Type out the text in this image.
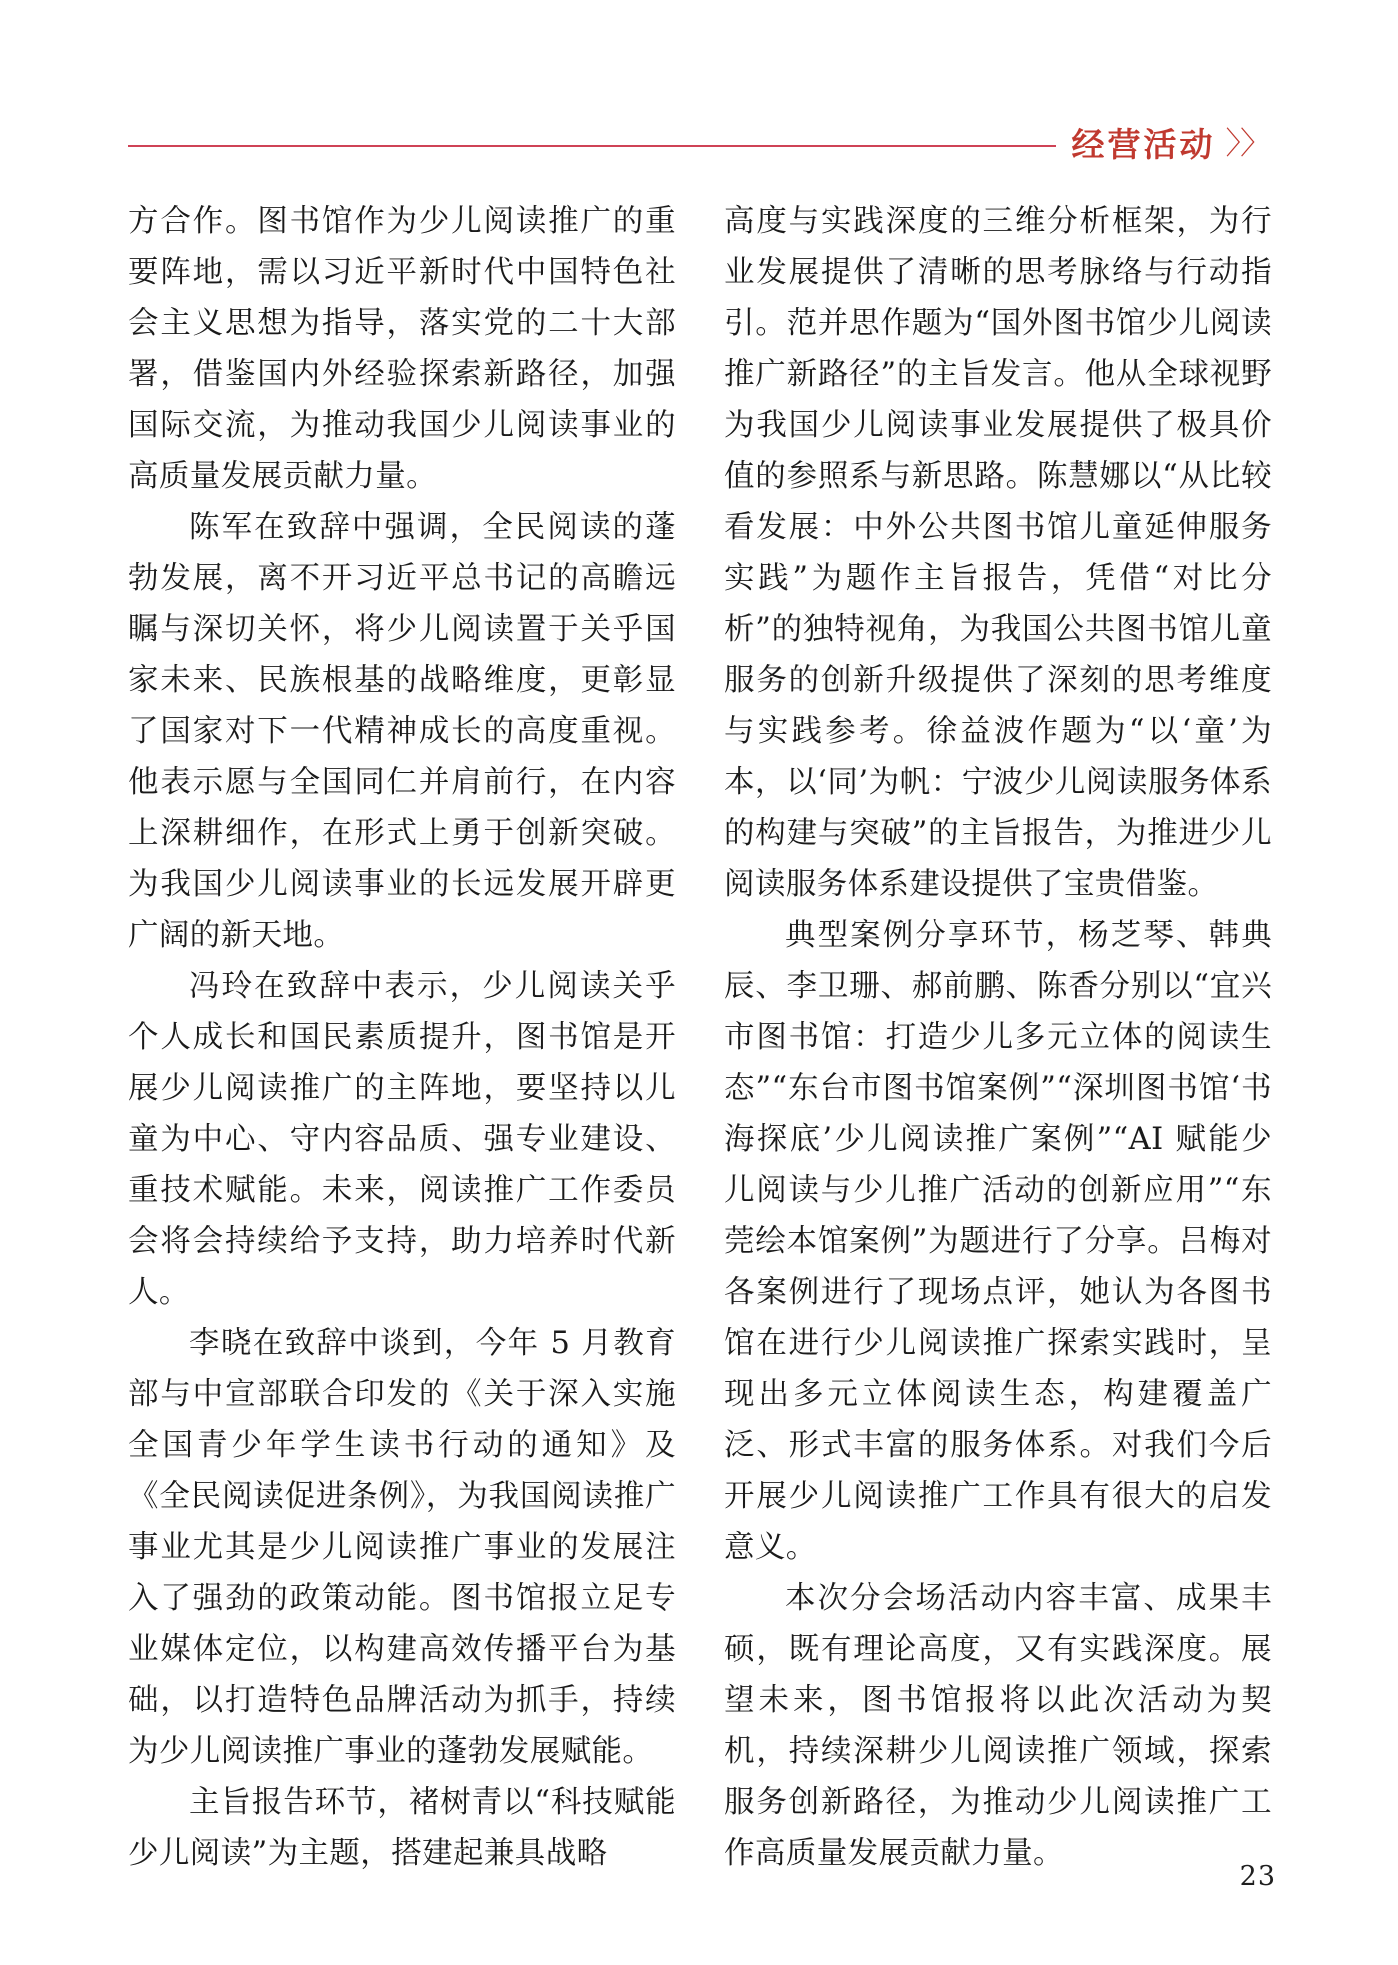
经营活动 〉〉

方合作。图书馆作为少儿阅读推广的重要阵地，需以习近平新时代中国特色社会主义思想为指导，落实党的二十大部署，借鉴国内外经验探索新路径，加强国际交流，为推动我国少儿阅读事业的高质量发展贡献力量。

陈军在致辞中强调，全民阅读的蓬勃发展，离不开习近平总书记的高瞻远瞩与深切关怀，将少儿阅读置于关乎国家未来、民族根基的战略维度，更彰显了国家对下一代精神成长的高度重视。他表示愿与全国同仁并肩前行，在内容上深耕细作，在形式上勇于创新突破。为我国少儿阅读事业的长远发展开辟更广阔的新天地。

冯玲在致辞中表示，少儿阅读关乎个人成长和国民素质提升，图书馆是开展少儿阅读推广的主阵地，要坚持以儿童为中心、守内容品质、强专业建设、重技术赋能。未来，阅读推广工作委员会将会持续给予支持，助力培养时代新人。

李晓在致辞中谈到，今年 5 月教育部与中宣部联合印发的《关于深入实施全国青少年学生读书行动的通知》及《全民阅读促进条例》，为我国阅读推广事业尤其是少儿阅读推广事业的发展注入了强劲的政策动能。图书馆报立足专业媒体定位，以构建高效传播平台为基础，以打造特色品牌活动为抓手，持续为少儿阅读推广事业的蓬勃发展赋能。

主旨报告环节，褚树青以“科技赋能少儿阅读”为主题，搭建起兼具战略

高度与实践深度的三维分析框架，为行业发展提供了清晰的思考脉络与行动指引。范并思作题为“国外图书馆少儿阅读推广新路径”的主旨发言。他从全球视野为我国少儿阅读事业发展提供了极具价值的参照系与新思路。陈慧娜以“从比较看发展：中外公共图书馆儿童延伸服务实践”为题作主旨报告，凭借“对比分析”的独特视角，为我国公共图书馆儿童服务的创新升级提供了深刻的思考维度与实践参考。徐益波作题为“以‘童’为本，以‘同’为帆：宁波少儿阅读服务体系的构建与突破”的主旨报告，为推进少儿阅读服务体系建设提供了宝贵借鉴。

典型案例分享环节，杨芝琴、韩典辰、李卫珊、郝前鹏、陈香分别以“宜兴市图书馆：打造少儿多元立体的阅读生态”“东台市图书馆案例”“深圳图书馆‘书海探底’少儿阅读推广案例”“AI 赋能少儿阅读与少儿推广活动的创新应用”“东莞绘本馆案例”为题进行了分享。吕梅对各案例进行了现场点评，她认为各图书馆在进行少儿阅读推广探索实践时，呈现出多元立体阅读生态，构建覆盖广泛、形式丰富的服务体系。对我们今后开展少儿阅读推广工作具有很大的启发意义。

本次分会场活动内容丰富、成果丰硕，既有理论高度，又有实践深度。展望未来，图书馆报将以此次活动为契机，持续深耕少儿阅读推广领域，探索服务创新路径，为推动少儿阅读推广工作高质量发展贡献力量。

23
